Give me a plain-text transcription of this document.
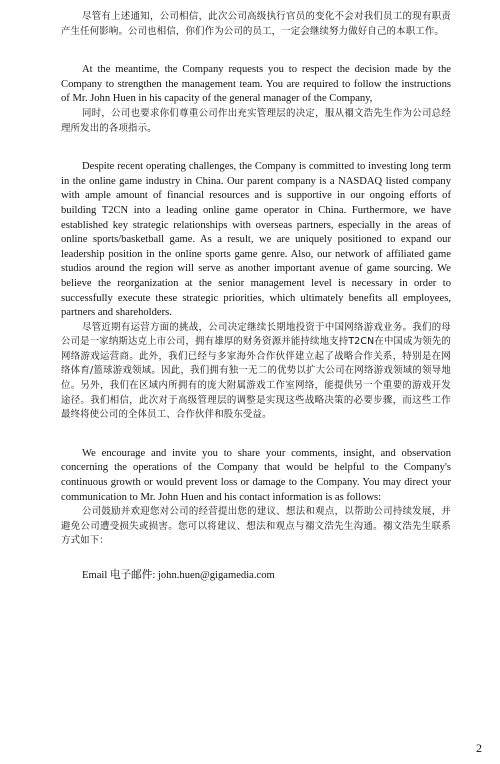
尽管有上述通知，公司相信，此次公司高级执行官员的变化不会对我们员工的现有职责产生任何影响。公司也相信，你们作为公司的员工，一定会继续努力做好自己的本职工作。

At the meantime, the Company requests you to respect the decision made by the Company to strengthen the management team. You are required to follow the instructions of Mr. John Huen in his capacity of the general manager of the Company,

同时，公司也要求你们尊重公司作出充实管理层的决定，服从禤文浩先生作为公司总经理所发出的各项指示。

Despite recent operating challenges, the Company is committed to investing long term in the online game industry in China. Our parent company is a NASDAQ listed company with ample amount of financial resources and is supportive in our ongoing efforts of building T2CN into a leading online game operator in China. Furthermore, we have established key strategic relationships with overseas partners, especially in the areas of online sports/basketball game. As a result, we are uniquely positioned to expand our leadership position in the online sports game genre. Also, our network of affiliated game studios around the region will serve as another important avenue of game sourcing. We believe the reorganization at the senior management level is necessary in order to successfully execute these strategic priorities, which ultimately benefits all employees, partners and shareholders.

尽管近期有运营方面的挑战，公司决定继续长期地投资于中国网络游戏业务。我们的母公司是一家纳斯达克上市公司，拥有雄厚的财务资源并能持续地支持T2CN在中国成为领先的网络游戏运营商。此外，我们已经与多家海外合作伙伴建立起了战略合作关系，特别是在网络体育/篮球游戏领域。因此，我们拥有独一无二的优势以扩大公司在网络游戏领域的领导地位。另外，我们在区域内所拥有的庞大附属游戏工作室网络，能提供另一个重要的游戏开发途径。我们相信，此次对于高级管理层的调整是实现这些战略决策的必要步骤，而这些工作最终将使公司的全体员工、合作伙伴和股东受益。

We encourage and invite you to share your comments, insight, and observation concerning the operations of the Company that would be helpful to the Company's continuous growth or would prevent loss or damage to the Company. You may direct your communication to Mr. John Huen and his contact information is as follows:

公司鼓励并欢迎您对公司的经营提出您的建议、想法和观点，以帮助公司持续发展，并避免公司遭受损失或损害。您可以将建议、想法和观点与禤文浩先生沟通。禤文浩先生联系方式如下：

Email 电子邮件: john.huen@gigamedia.com

2
